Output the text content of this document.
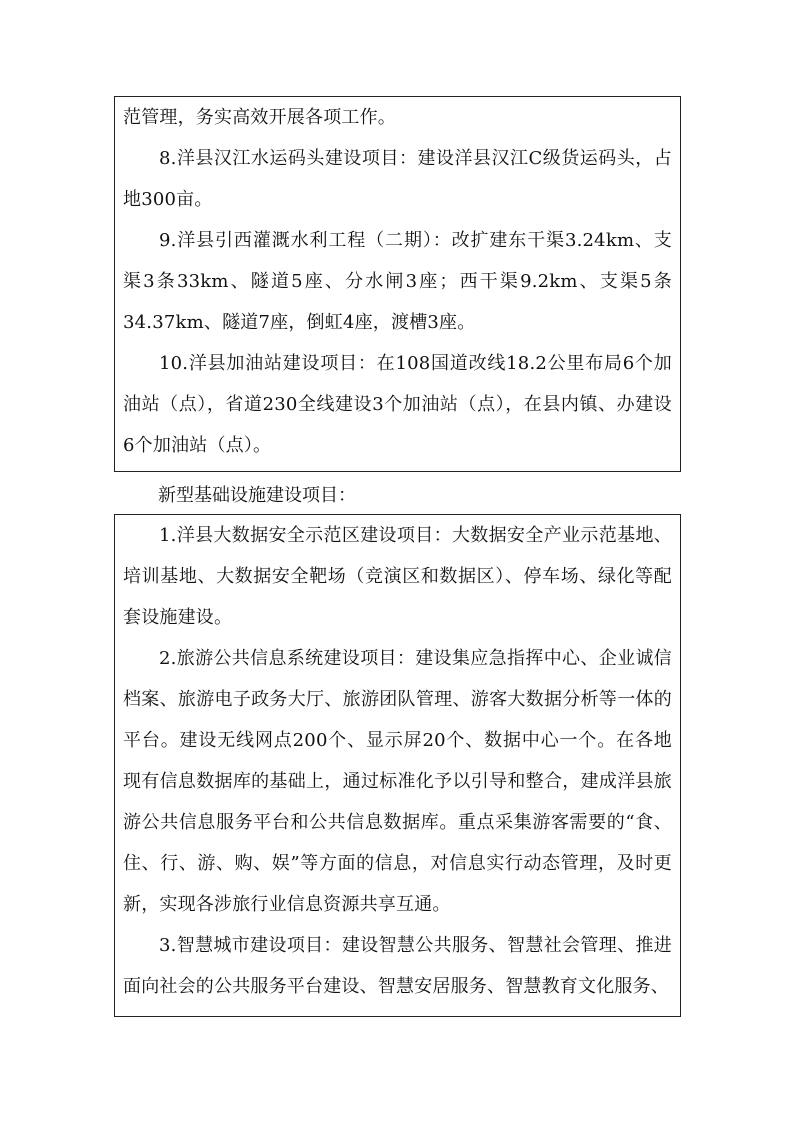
范管理，务实高效开展各项工作。

8.洋县汉江水运码头建设项目：建设洋县汉江C级货运码头，占地300亩。

9.洋县引西灌溉水利工程（二期）：改扩建东干渠3.24km、支渠3条33km、隧道5座、分水闸3座；西干渠9.2km、支渠5条34.37km、隧道7座，倒虹4座，渡槽3座。

10.洋县加油站建设项目：在108国道改线18.2公里布局6个加油站（点），省道230全线建设3个加油站（点），在县内镇、办建设6个加油站（点）。

新型基础设施建设项目：

1.洋县大数据安全示范区建设项目：大数据安全产业示范基地、培训基地、大数据安全靶场（竞演区和数据区）、停车场、绿化等配套设施建设。

2.旅游公共信息系统建设项目：建设集应急指挥中心、企业诚信档案、旅游电子政务大厅、旅游团队管理、游客大数据分析等一体的平台。建设无线网点200个、显示屏20个、数据中心一个。在各地现有信息数据库的基础上，通过标准化予以引导和整合，建成洋县旅游公共信息服务平台和公共信息数据库。重点采集游客需要的“食、住、行、游、购、娱”等方面的信息，对信息实行动态管理，及时更新，实现各涉旅行业信息资源共享互通。

3.智慧城市建设项目：建设智慧公共服务、智慧社会管理、推进面向社会的公共服务平台建设、智慧安居服务、智慧教育文化服务、
